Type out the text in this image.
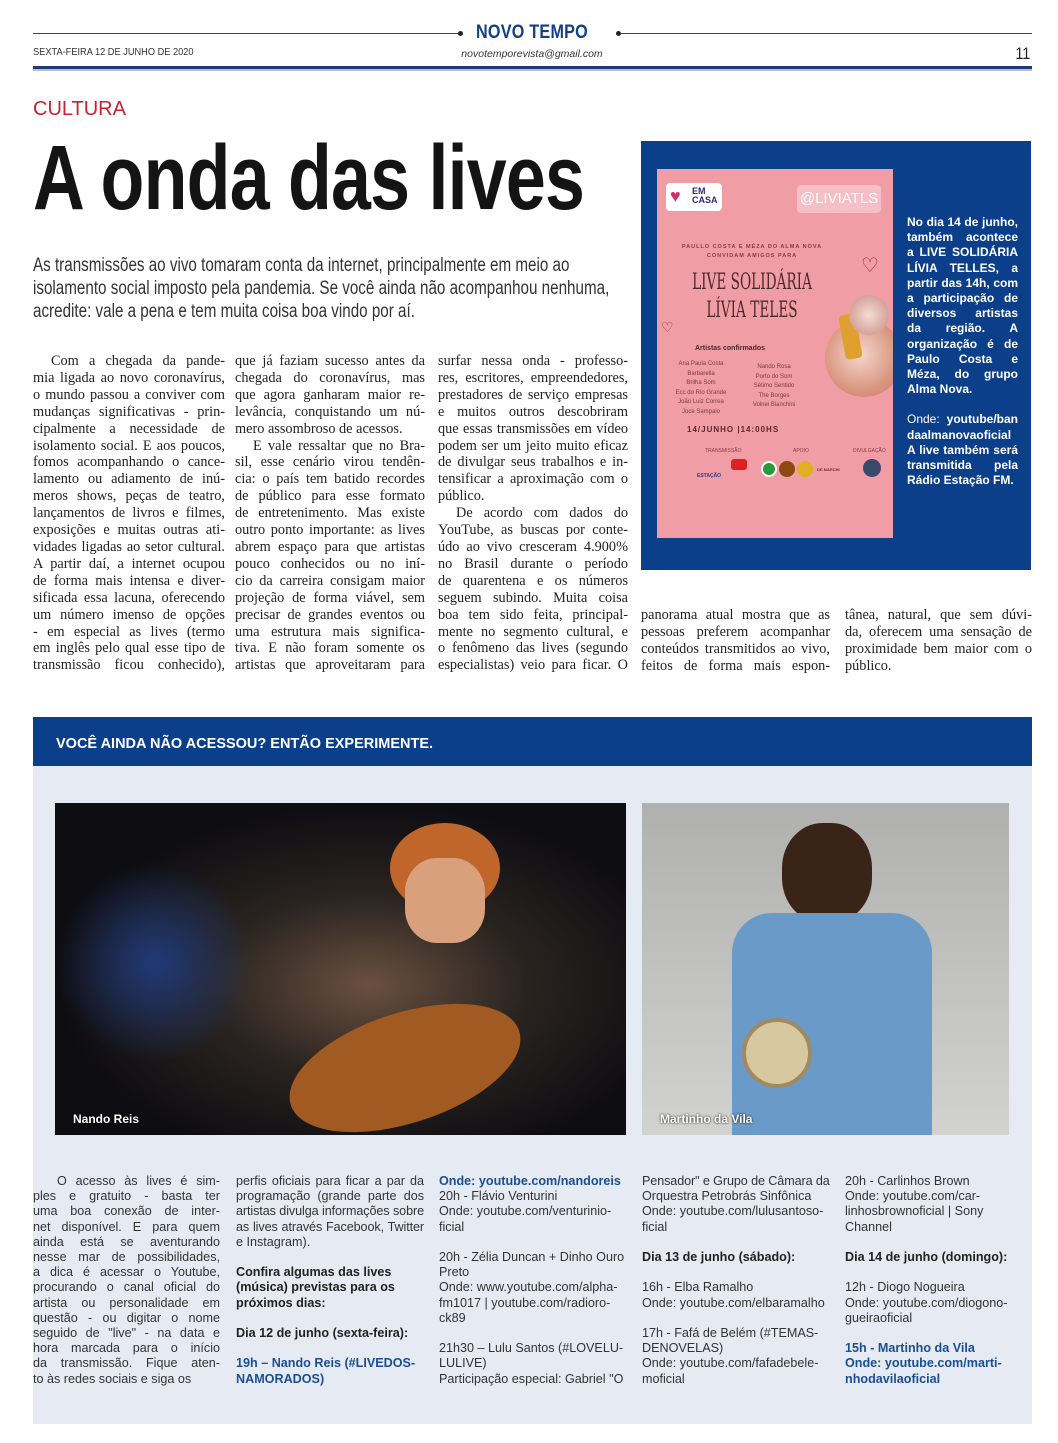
NOVO TEMPO
SEXTA-FEIRA 12 DE JUNHO DE 2020	novotemporevista@gmail.com	11
CULTURA
A onda das lives

As transmissões ao vivo tomaram conta da internet, principalmente em meio ao isolamento social imposto pela pandemia. Se você ainda não acompanhou nenhuma, acredite: vale a pena e tem muita coisa boa vindo por aí.

Com a chegada da pande-
mia ligada ao novo coronavírus,
o mundo passou a conviver com
mudanças significativas - prin-
cipalmente a necessidade de
isolamento social. E aos poucos,
fomos acompanhando o cance-
lamento ou adiamento de inú-
meros shows, peças de teatro,
lançamentos de livros e filmes,
exposições e muitas outras ati-
vidades ligadas ao setor cultural.
A partir daí, a internet ocupou
de forma mais intensa e diver-
sificada essa lacuna, oferecendo
um número imenso de opções
- em especial as lives (termo
em inglês pelo qual esse tipo de
transmissão ficou conhecido),
que já faziam sucesso antes da
chegada do coronavírus, mas
que agora ganharam maior re-
levância, conquistando um nú-
mero assombroso de acessos.
E vale ressaltar que no Bra-
sil, esse cenário virou tendên-
cia: o país tem batido recordes
de público para esse formato
de entretenimento. Mas existe
outro ponto importante: as lives
abrem espaço para que artistas
pouco conhecidos ou no iní-
cio da carreira consigam maior
projeção de forma viável, sem
precisar de grandes eventos ou
uma estrutura mais significa-
tiva. E não foram somente os
artistas que aproveitaram para
surfar nessa onda - professo-
res, escritores, empreendedores,
prestadores de serviço empresas
e muitos outros descobriram
que essas transmissões em vídeo
podem ser um jeito muito eficaz
de divulgar seus trabalhos e in-
tensificar a aproximação com o
público.
De acordo com dados do
YouTube, as buscas por conte-
údo ao vivo cresceram 4.900%
no Brasil durante o período
de quarentena e os números
seguem subindo. Muita coisa
boa tem sido feita, principal-
mente no segmento cultural, e
o fenômeno das lives (segundo
especialistas) veio para ficar. O
panorama atual mostra que as
pessoas preferem acompanhar
conteúdos transmitidos ao vivo,
feitos de forma mais espon-
tânea, natural, que sem dúvi-
da, oferecem uma sensação de
proximidade bem maior com o
público.
♥ EM CASA	@LIVIATLS
PAULLO COSTA E MÉZA DO ALMA NOVA CONVIDAM AMIGOS PARA
LIVE SOLIDÁRIA
LÍVIA TELES
♡
♡
Artistas confirmados
Ana Paula Costa
Barbarella
Brilha Som
Ecc do Rio Grande
João Luiz Correa
Joce Sampaio
Nando Rosa
Porto do Som
Sétimo Sentido
The Borges
Volnei Bianchini
14/JUNHO |14:00HS
TRANSMISSÃO	APOIO	DIVULGAÇÃO
ESTAÇÃO
DE MARCHI

No dia 14 de junho, também acontece a LIVE SOLIDÁRIA LÍVIA TELLES, a partir das 14h, com a participação de diversos artistas da região. A organização é de Paulo Costa e Méza, do grupo Alma Nova.

Onde: youtube/bandaalmanovaoficial

A live também será transmitida pela Rádio Estação FM.

VOCÊ AINDA NÃO ACESSOU? ENTÃO EXPERIMENTE.
Nando Reis	Martinho da Vila
O acesso às lives é sim-
ples e gratuito - basta ter
uma boa conexão de inter-
net disponível. E para quem
ainda está se aventurando
nesse mar de possibilidades,
a dica é acessar o Youtube,
procurando o canal oficial do
artista ou personalidade em
questão - ou digitar o nome
seguido de "live" - na data e
hora marcada para o início
da transmissão. Fique aten-
to às redes sociais e siga os
perfis oficiais para ficar a par da
programação (grande parte dos
artistas divulga informações sobre
as lives através Facebook, Twitter
e Instagram).
Confira algumas das lives
(música) previstas para os
próximos dias:
Dia 12 de junho (sexta-feira):
19h – Nando Reis (#LIVEDOS-
NAMORADOS)
Onde: youtube.com/nandoreis
20h - Flávio Venturini
Onde: youtube.com/venturinio-
ficial
20h - Zélia Duncan + Dinho Ouro
Preto
Onde: www.youtube.com/alpha-
fm1017 | youtube.com/radioro-
ck89
21h30 – Lulu Santos (#LOVELU-
LULIVE)
Participação especial: Gabriel "O
Pensador" e Grupo de Câmara da
Orquestra Petrobrás Sinfônica
Onde: youtube.com/lulusantoso-
ficial
Dia 13 de junho (sábado):
16h - Elba Ramalho
Onde: youtube.com/elbaramalho
17h - Fafá de Belém (#TEMAS-
DENOVELAS)
Onde: youtube.com/fafadebele-
moficial
20h - Carlinhos Brown
Onde: youtube.com/car-
linhosbrownoficial | Sony
Channel
Dia 14 de junho (domingo):
12h - Diogo Nogueira
Onde: youtube.com/diogono-
gueiraoficial
15h - Martinho da Vila
Onde: youtube.com/marti-
nhodavilaoficial
